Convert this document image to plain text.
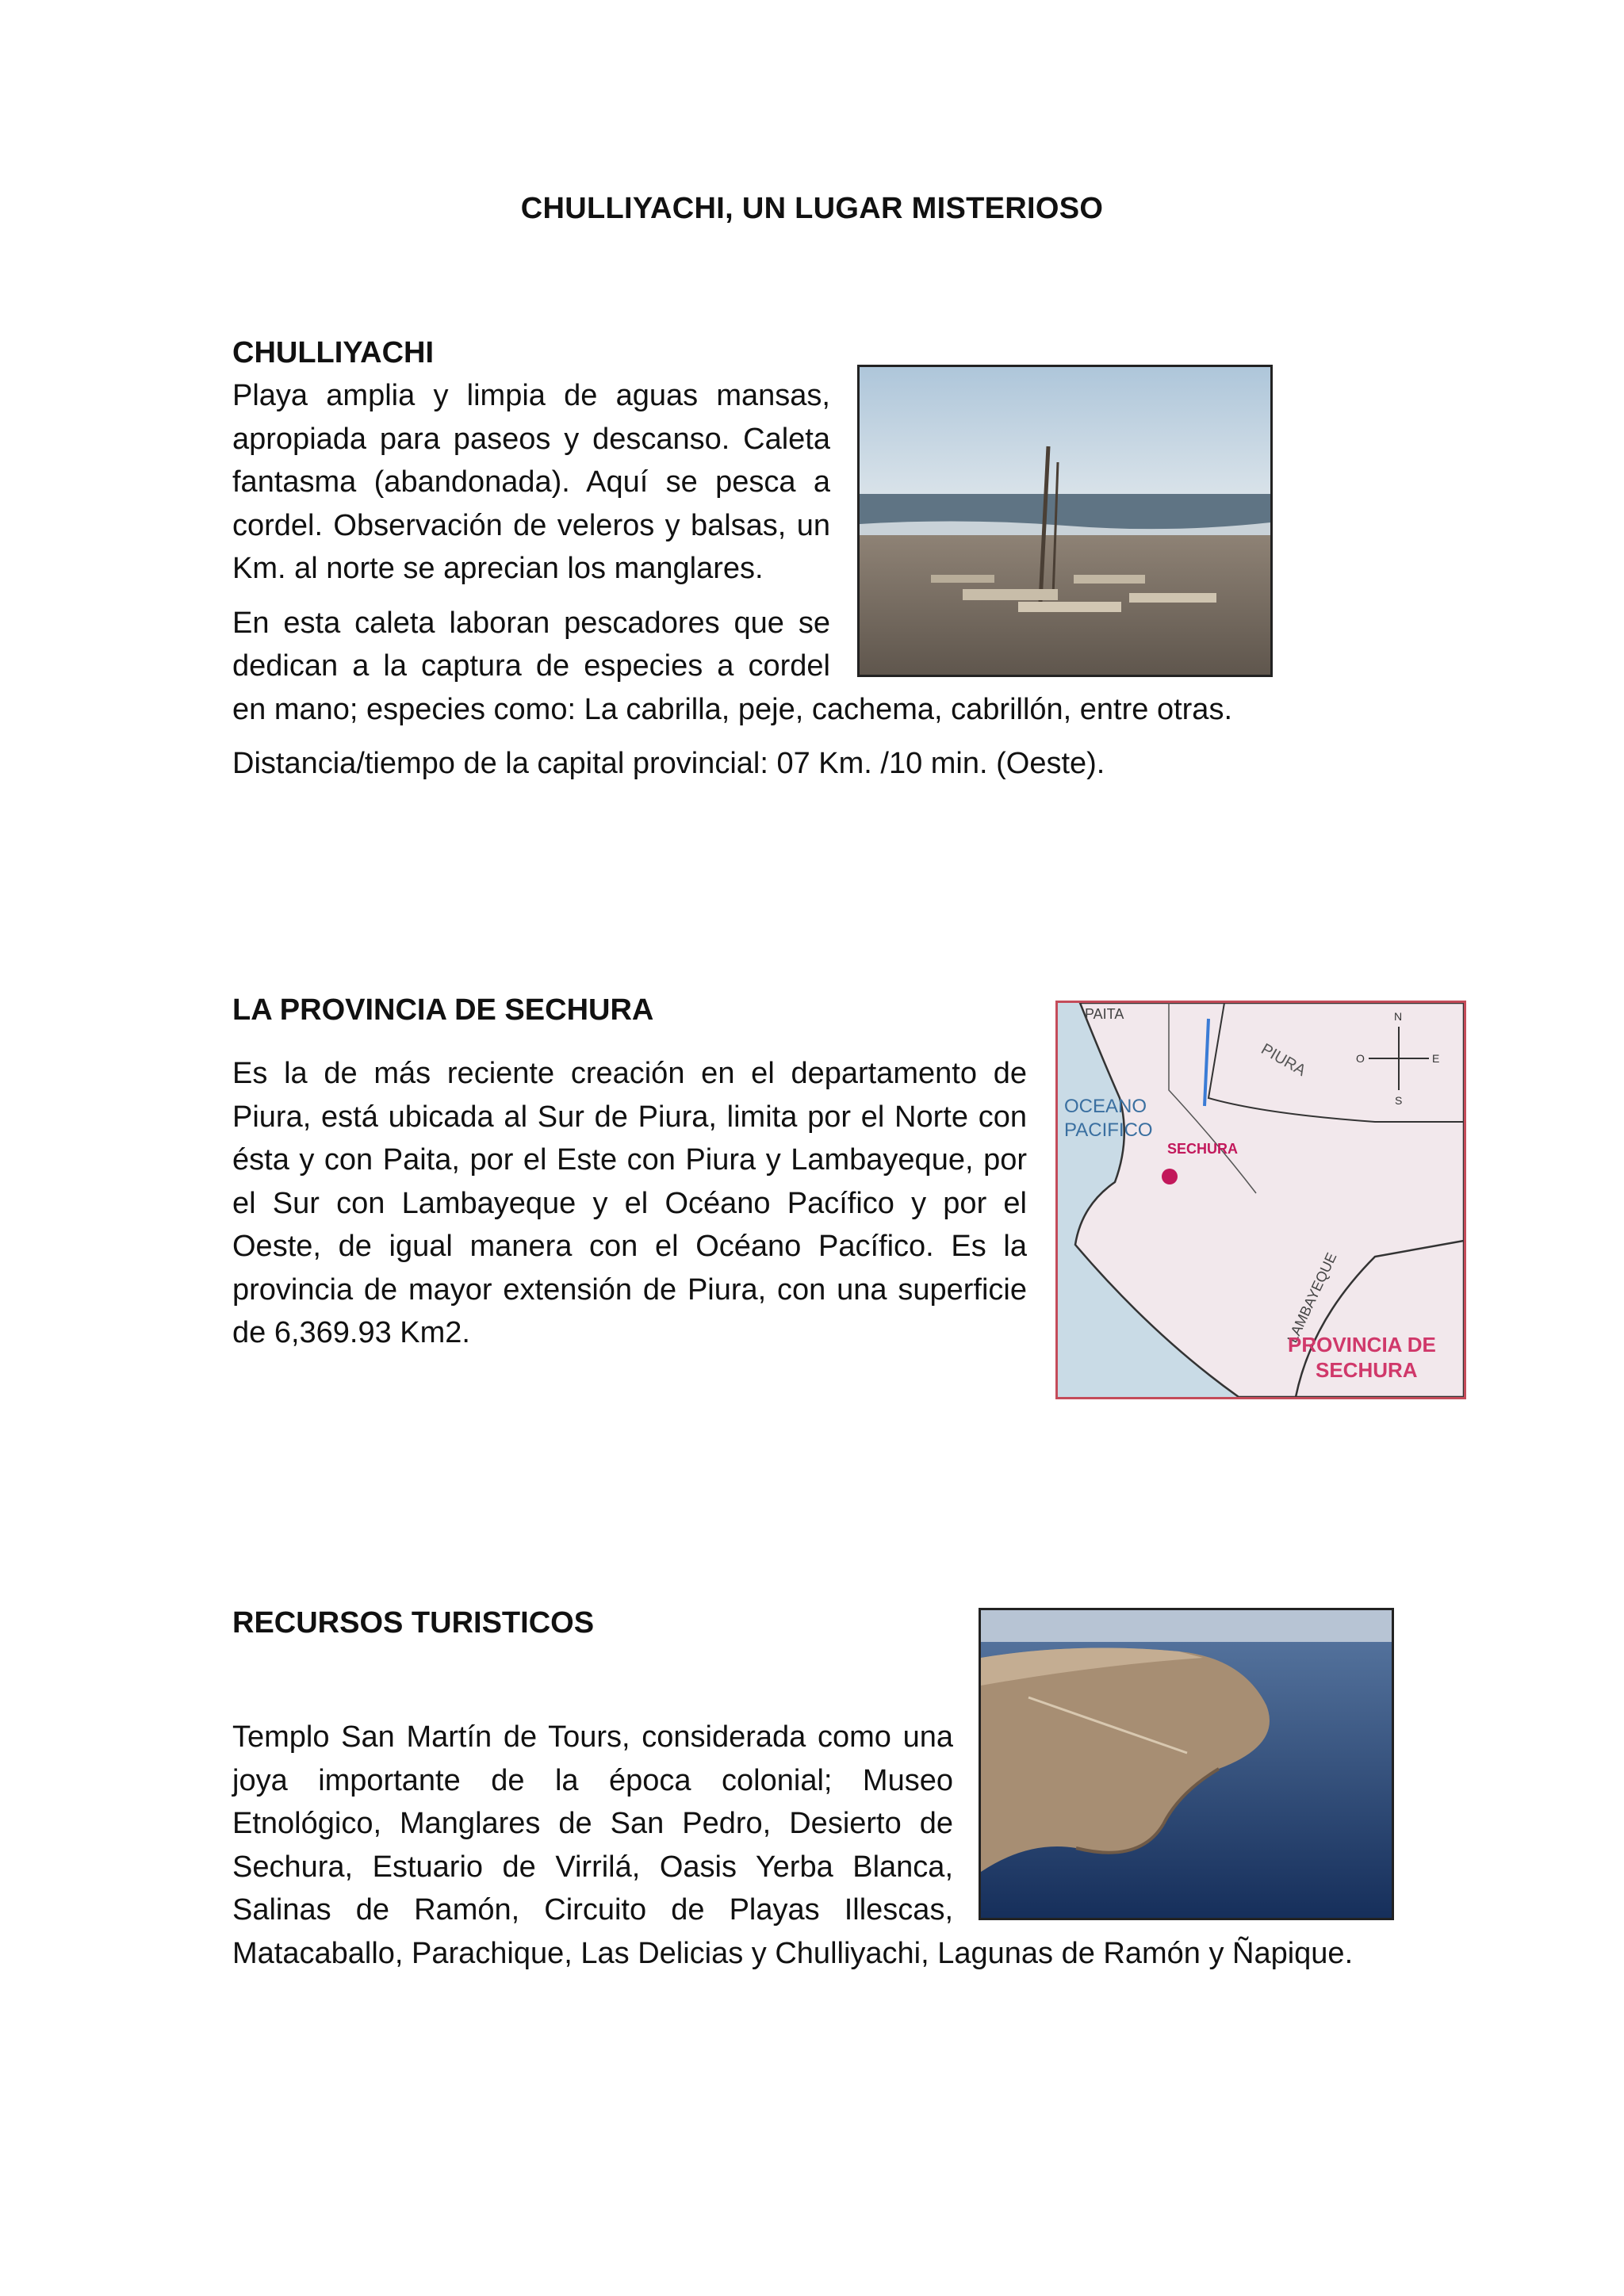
CHULLIYACHI, UN LUGAR MISTERIOSO

CHULLIYACHI

Playa amplia y limpia de aguas mansas, apropiada para paseos y descanso. Caleta fantasma (abandonada). Aquí se pesca a cordel. Observación de veleros y balsas, un Km. al norte se aprecian los manglares.

En esta caleta laboran pescadores que se dedican a la captura de especies a cordel en mano; especies como: La cabrilla, peje, cachema, cabrillón, entre otras.

Distancia/tiempo de la capital provincial: 07 Km. /10 min. (Oeste).

PAITA
PIURA
OCEANO
PACIFICO
SECHURA
LAMBAYEQUE
PROVINCIA DE
SECHURA
N
S
E
O

LA PROVINCIA DE SECHURA

Es la de más reciente creación en el departamento de Piura, está ubicada al Sur de Piura, limita por el Norte con ésta y con Paita, por el Este con Piura y Lambayeque, por el Sur con Lambayeque y el Océano Pacífico y por el Oeste, de igual manera con el Océano Pacífico. Es la provincia de mayor extensión de Piura, con una superficie de 6,369.93 Km2.

RECURSOS TURISTICOS

Templo San Martín de Tours, considerada como una joya importante de la época colonial; Museo Etnológico, Manglares de San Pedro, Desierto de Sechura, Estuario de Virrilá, Oasis Yerba Blanca, Salinas de Ramón, Circuito de Playas Illescas, Matacaballo, Parachique, Las Delicias y Chulliyachi, Lagunas de Ramón y Ñapique.
